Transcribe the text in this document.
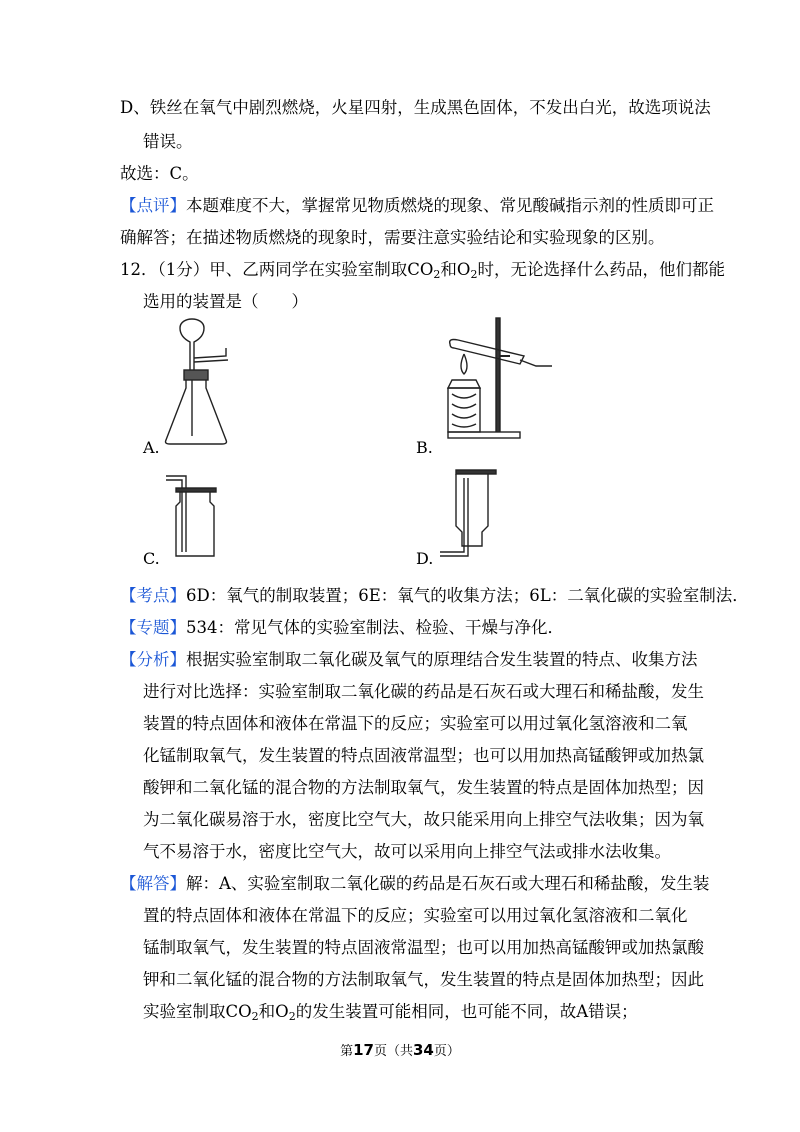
D、铁丝在氧气中剧烈燃烧，火星四射，生成黑色固体，不发出白光，故选项说法
错误。
故选：C。
【点评】本题难度不大，掌握常见物质燃烧的现象、常见酸碱指示剂的性质即可正
确解答；在描述物质燃烧的现象时，需要注意实验结论和实验现象的区别。
12．（1分）甲、乙两同学在实验室制取$CO_2$和$O_2$时，无论选择什么药品，他们都能
选用的装置是（　　）
A.	B.
C.	D.
【考点】6D：氧气的制取装置；6E：氧气的收集方法；6L：二氧化碳的实验室制法．
【专题】534：常见气体的实验室制法、检验、干燥与净化．
【分析】根据实验室制取二氧化碳及氧气的原理结合发生装置的特点、收集方法
进行对比选择：实验室制取二氧化碳的药品是石灰石或大理石和稀盐酸，发生
装置的特点固体和液体在常温下的反应；实验室可以用过氧化氢溶液和二氧
化锰制取氧气，发生装置的特点固液常温型；也可以用加热高锰酸钾或加热氯
酸钾和二氧化锰的混合物的方法制取氧气，发生装置的特点是固体加热型；因
为二氧化碳易溶于水，密度比空气大，故只能采用向上排空气法收集；因为氧
气不易溶于水，密度比空气大，故可以采用向上排空气法或排水法收集。
【解答】解：A、实验室制取二氧化碳的药品是石灰石或大理石和稀盐酸，发生装
置的特点固体和液体在常温下的反应；实验室可以用过氧化氢溶液和二氧化
锰制取氧气，发生装置的特点固液常温型；也可以用加热高锰酸钾或加热氯酸
钾和二氧化锰的混合物的方法制取氧气，发生装置的特点是固体加热型；因此
实验室制取$CO_2$和$O_2$的发生装置可能相同，也可能不同，故A错误；
第17页（共34页）
